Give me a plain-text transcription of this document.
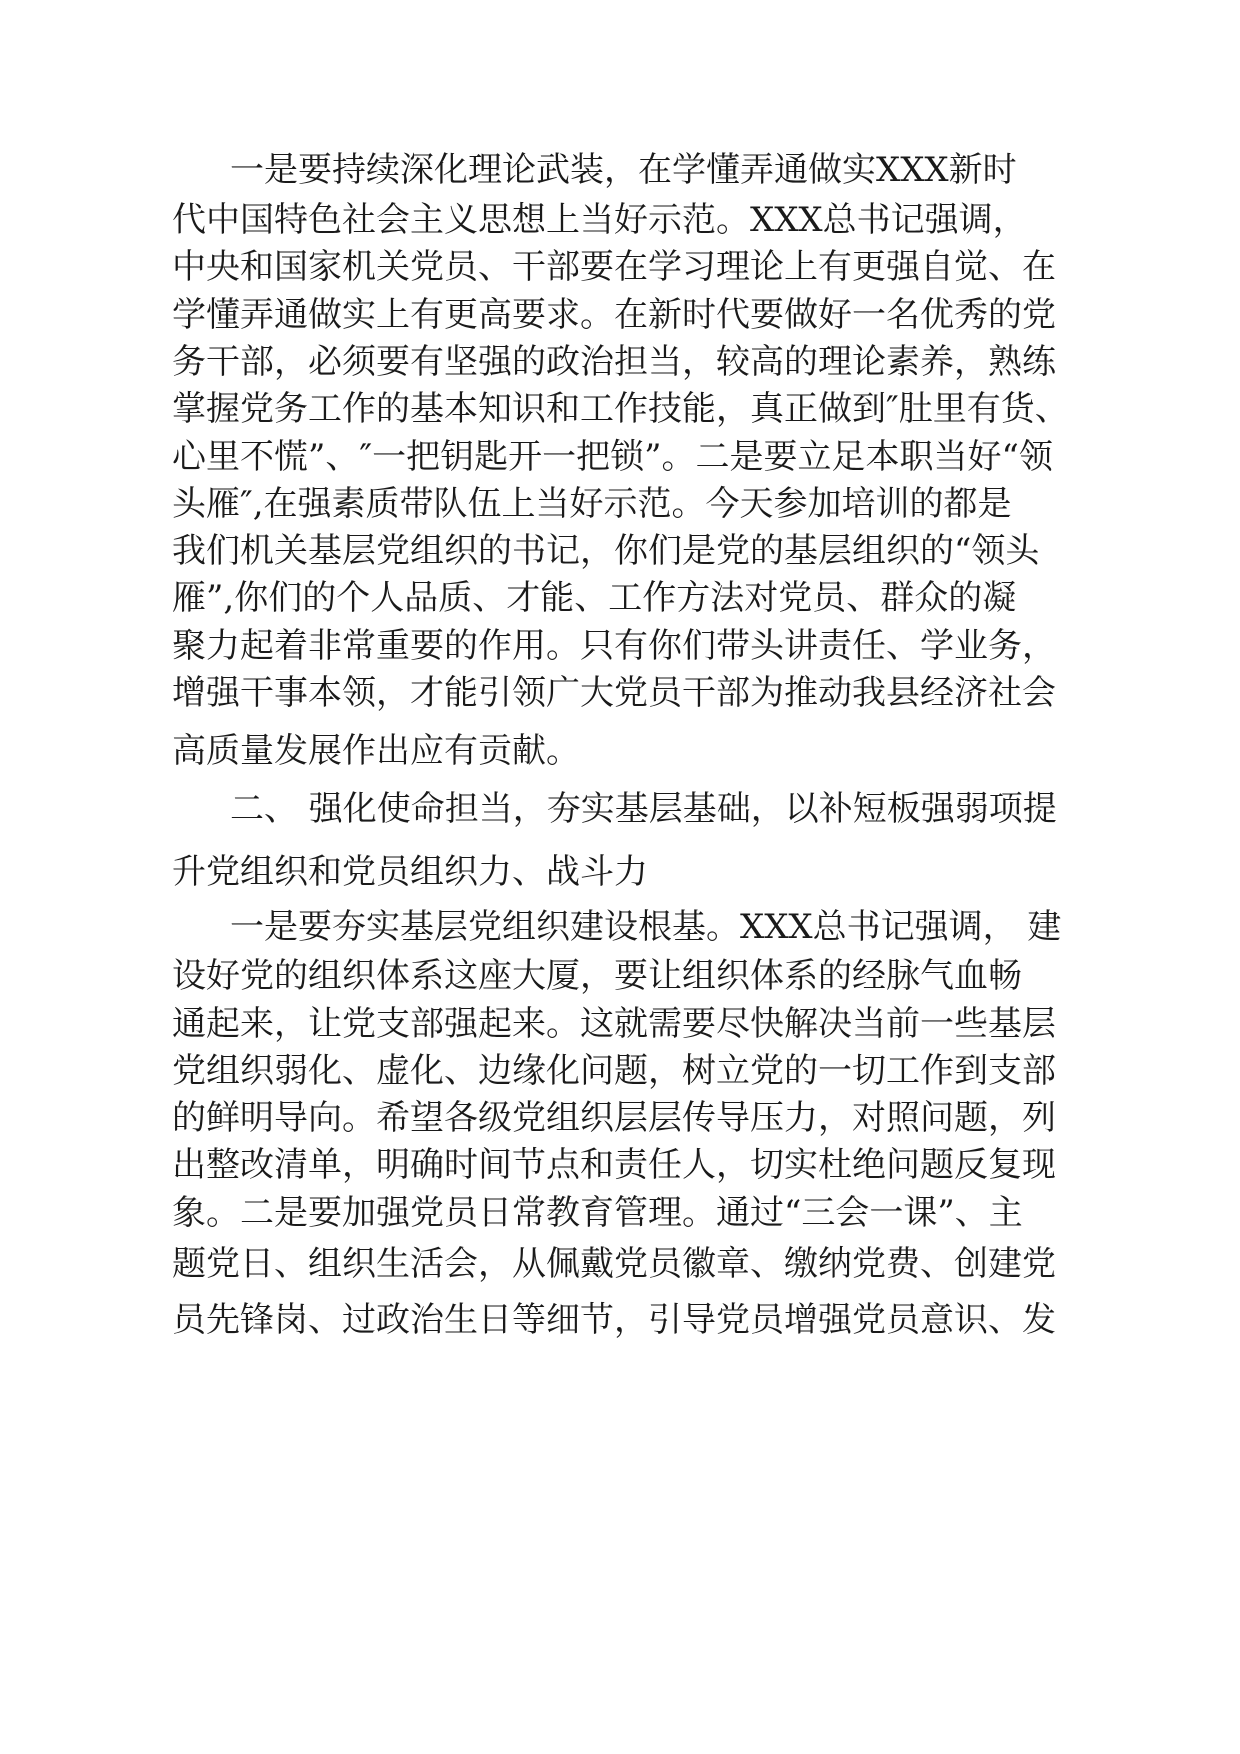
一是要持续深化理论武装，在学懂弄通做实XXX新时
代中国特色社会主义思想上当好示范。XXX总书记强调，
中央和国家机关党员、干部要在学习理论上有更强自觉、在
学懂弄通做实上有更高要求。在新时代要做好一名优秀的党
务干部，必须要有坚强的政治担当，较高的理论素养，熟练
掌握党务工作的基本知识和工作技能，真正做到″肚里有货、
心里不慌”、″一把钥匙开一把锁”。二是要立足本职当好“领
头雁″,在强素质带队伍上当好示范。今天参加培训的都是
我们机关基层党组织的书记，你们是党的基层组织的“领头
雁”,你们的个人品质、才能、工作方法对党员、群众的凝
聚力起着非常重要的作用。只有你们带头讲责任、学业务，
增强干事本领，才能引领广大党员干部为推动我县经济社会
高质量发展作出应有贡献。
二、 强化使命担当，夯实基层基础，以补短板强弱项提
升党组织和党员组织力、战斗力
一是要夯实基层党组织建设根基。XXX总书记强调， 建
设好党的组织体系这座大厦，要让组织体系的经脉气血畅
通起来，让党支部强起来。这就需要尽快解决当前一些基层
党组织弱化、虚化、边缘化问题，树立党的一切工作到支部
的鲜明导向。希望各级党组织层层传导压力，对照问题，列
出整改清单，明确时间节点和责任人，切实杜绝问题反复现
象。二是要加强党员日常教育管理。通过“三会一课”、主
题党日、组织生活会，从佩戴党员徽章、缴纳党费、创建党
员先锋岗、过政治生日等细节，引导党员增强党员意识、发
